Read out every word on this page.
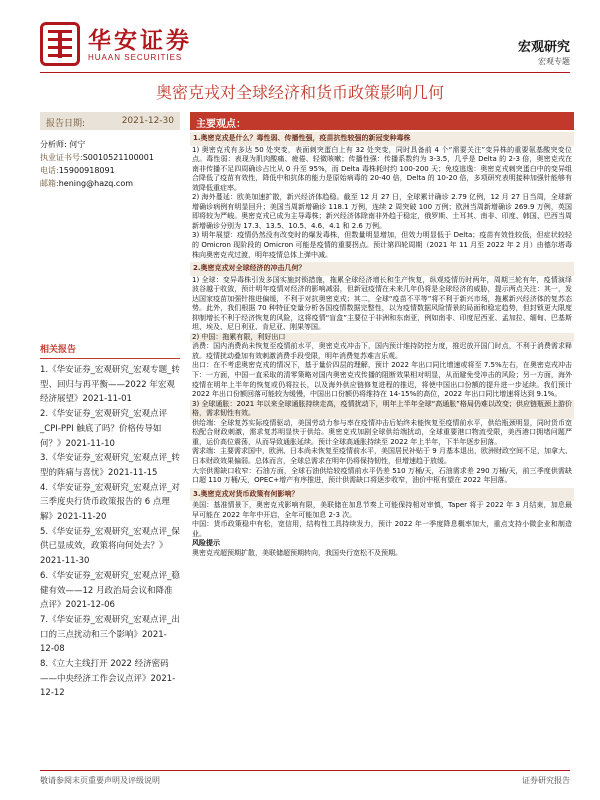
华安证券
HUAAN SECURITIES
宏观研究
宏观专题
奥密克戎对全球经济和货币政策影响几何
报告日期:	2021-12-30
分析师: 何宁
执业证书号:S0010521100001
电话:15900918091
邮箱:hening@hazq.com
相关报告
1.《华安证券_宏观研究_宏观专题_转型、回归与再平衡——2022 年宏观经济展望》2021-11-01
2.《华安证券_宏观研究_宏观点评_CPI-PPI 触底了吗？价格传导如何？》2021-11-10
3.《华安证券_宏观研究_宏观点评_转型的阵痛与喜忧》2021-11-15
4.《华安证券_宏观研究_宏观点评_对三季度央行货币政策报告的 6 点理解》2021-11-20
5.《华安证券_宏观研究_宏观点评_保供已显成效，政策将向何处去？》2021-11-30
6.《华安证券_宏观研究_宏观点评_稳健有效——12 月政治局会议和降准点评》2021-12-06
7.《华安证券_宏观研究_宏观点评_出口的三点扰动和三个影响》2021-12-08
8.《立大主线打开 2022 经济密码——中央经济工作会议点评》2021-12-12
主要观点：
1.奥密克戎是什么？毒性弱、传播性强，疫苗抗性较强的新冠变种毒株
1) 奥密克戎有多达 50 处突变，表面刺突蛋白上有 32 处突变，同时具备前 4 个“需要关注”变异株的重要氨基酸突变位点。毒性弱：表现为肌肉酸痛、疲倦、轻微咳嗽；传播性强：传播系数约为 3-3.5，几乎是 Delta 的 2-3 倍，奥密克戎在南非传播不足四周确诊占比从 0 升至 95%，而 Delta 毒株耗时约 100-200 天；免疫逃逸：奥密克戎刺突蛋白中的变异组合降低了疫苗有效性，降低中和抗体的能力是原始病毒的 20-40 倍，Delta 的 10-20 倍，多项研究表明接种加强针能够有效降低重症率。
2) 海外蔓延：欧美加速扩散，新兴经济体趋稳。截至 12 月 27 日，全球累计确诊 2.79 亿例，12 月 27 日当周，全球新增确诊病例有明显回升；美国当周新增确诊 118.1 万例，连续 2 周突破 100 万例；欧洲当周新增确诊 269.9 万例，英国即将较为严峻。奥密克戎已成为主导毒株；新兴经济体除南非外趋于稳定，俄罗斯、土耳其、南非、印度、韩国、巴西当周新增确诊分别为 17.3、13.5、10.5、4.6、4.1 和 2.6 万例。
3) 明年展望：疫情仍然没有改变时的爆发毒株，但数量明显增加，但效力明显低于 Delta；疫苗有效性较低，但症状较轻的 Omicron 现阶段的 Omicron 可能是疫情的重要拐点。预计第四轮周期（2021 年 11 月至 2022 年 2 月）由德尔塔毒株向奥密克戎过渡，明年疫情总体上弹中减。
2.奥密克戎对全球经济的冲击几何？
1) 全球：变异毒株引发多国实施封锁措施，拖累全球经济增长和生产恢复，纵观疫情历时两年，周期三轮有年，疫情演绎波谷越于收敛，预计明年疫情对经济的影响减弱，但新冠疫情在未来几年仍将是全球经济的威胁，提示两点关注：其一，发达国家疫苗加强针推进偏缓，不利于对抗奥密克戎；其二，全球“疫苗不平等”将不利于新兴市场，拖累新兴经济体的复苏态势。此外，我们根据 70 种特征变量分析各国疫情数据完整性，以为疫情数据风险情景的局面和稳定趋势，但封锁更大限度抑制增长不利于经济恢复的风险，这将疫情“盲盒”主要位于非洲和东南亚，例如南非、印度尼西亚、孟加拉、缅甸、巴基斯坦、埃及、尼日利亚、肯尼亚、刚果等国。
2) 中国：拖累有限，利好出口
消费：国内消费尚未恢复至疫情前水平，奥密克戎冲击下，国内预计维持防控力度，推迟放开国门时点，不利于消费需求释放。疫情扰动叠加有效刺激消费手段受限，明年消费复苏难言乐观。
出口：在不考虑奥密克戎的情况下，基于量价四层的理解，预计 2022 年出口同比增速或将至 7.5%左右，在奥密克戎冲击下：一方面，中国一直采取的清零策略对国内奥密克戎传播的阻断效果相对明显，从而避免受冲击的风险；另一方面，海外疫情在明年上半年的恢复或仍将拉长，以及海外供应链修复进程的推迟，将使中国出口份额的提升进一步延续。我们预计 2022 年出口份额回落可能较为缓慢，中国出口份额仍将维持在 14-15%的高位，2022 年出口同比增速将达到 9.1%。
3) 全球通胀：2021 年以来全球通胀持续走高，疫情扰动下，明年上半年全球“高通胀”格局仍难以改变；供应链瓶颈上游价格，需求韧性有效。
供给端：全球复苏实际疫情驱动，美国劳动力参与率在疫情冲击后始终未能恢复至疫情前水平，供给瓶颈明显，同时货币宽松配合财政刺激，需求复苏明显快于供给。奥密克戎加剧全球供给端扰动，全球重要港口物流受限，美西港口拥堵问题严重，运价高位震荡，从而导致通胀延续。预计全球高通胀持续至 2022 年上半年，下半年逐步回落。
需求端：主要需求国中，欧洲、日本尚未恢复至疫情前水平，美国居民补贴于 9 月基本退出，欧洲财政空间不足，加拿大、日本财政效果偏弱。总体而言，全球总需求在明年仍将保持韧性，但增速趋于放缓。
大宗供需缺口收窄：石油方面，全球石油供给较疫情前水平仍差 510 万桶/天，石油需求差 290 万桶/天，前三季度供需缺口超 110 万桶/天，OPEC+增产有序推进，预计供需缺口将逐步收窄，油价中枢有望在 2022 年回落。
3.奥密克戎对货币政策有何影响？
美国：基准情景下，奥密克戎影响有限，美联储在加息节奏上可能保持相对审慎，Taper 将于 2022 年 3 月结束，加息最早可能在 2022 年年中开启，全年可能加息 2-3 次。
中国：货币政策稳中有松，宽信用，结构性工具持续发力，预计 2022 年一季度降息概率加大，重点支持小微企业和制造业。
风险提示
奥密克戎超预期扩散，美联储超预期转向，我国央行宽松不及预期。
敬请参阅末页重要声明及评级说明	证券研究报告
